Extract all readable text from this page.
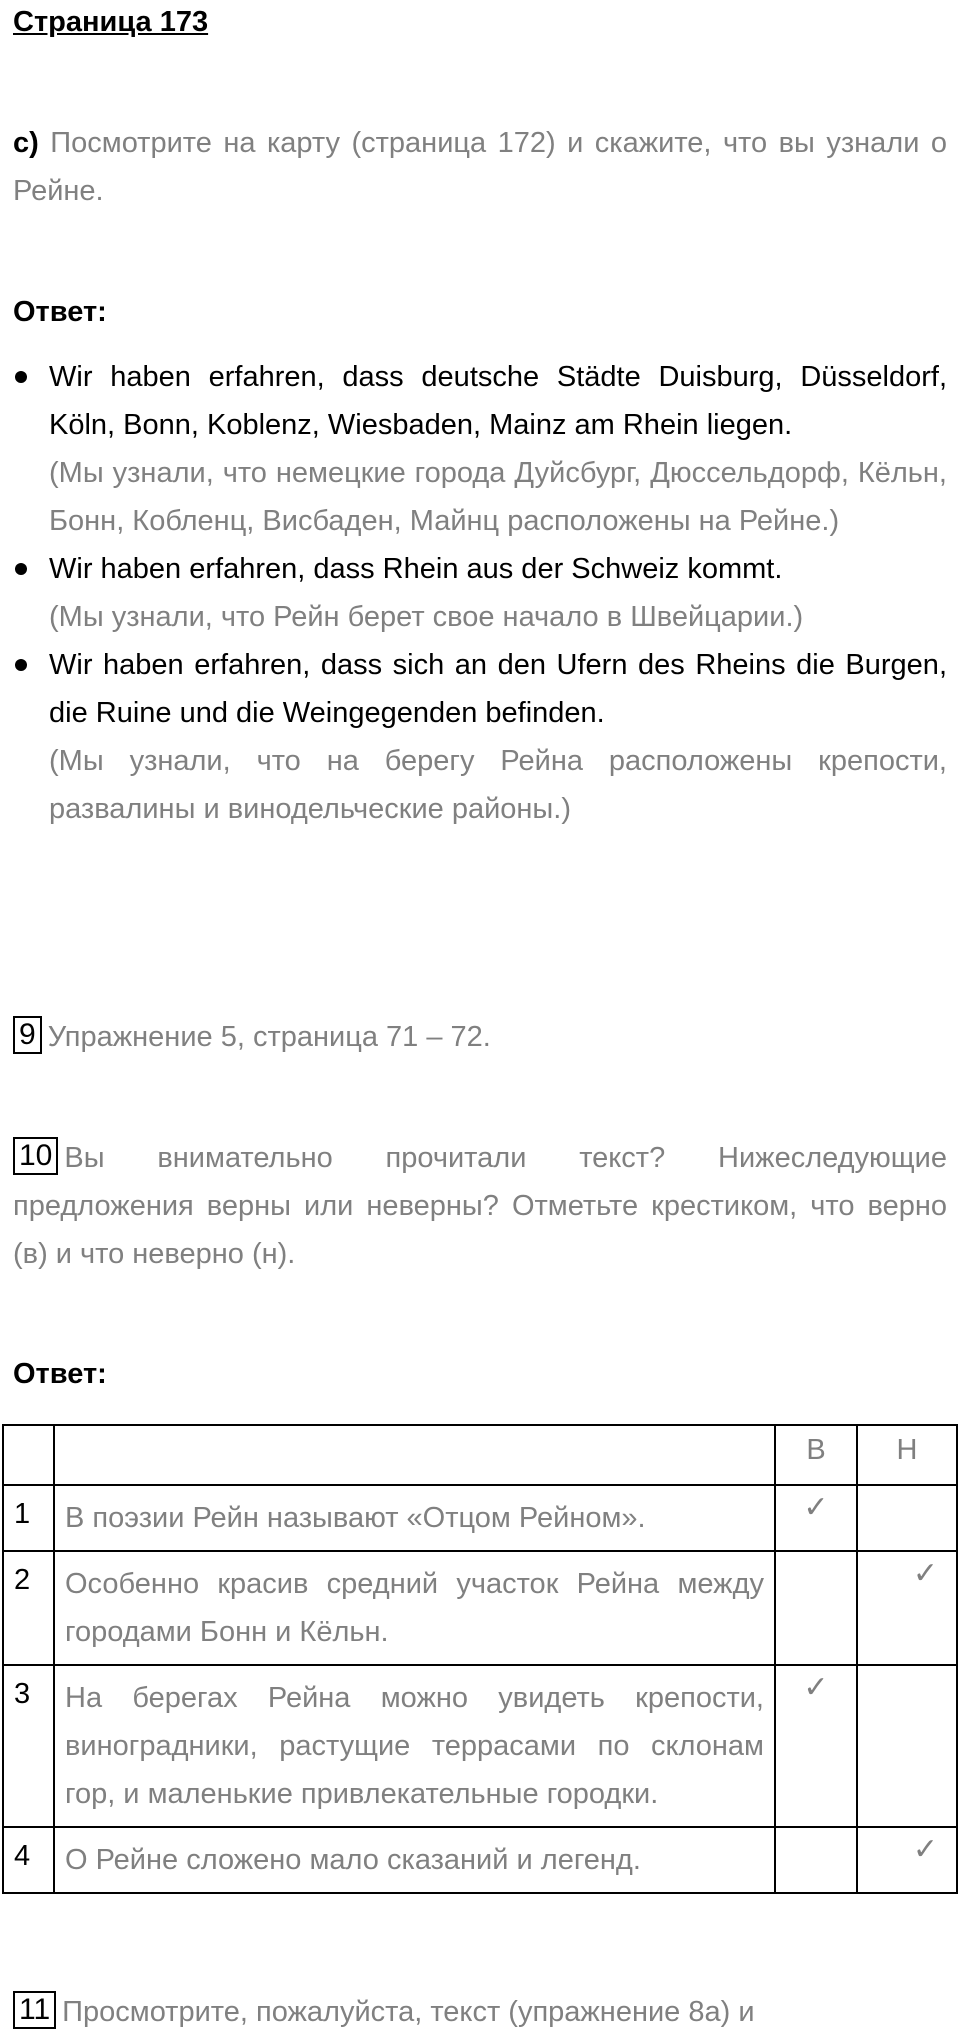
Страница 173
c) Посмотрите на карту (страница 172) и скажите, что вы узнали о Рейне.
Ответ:
Wir haben erfahren, dass deutsche Städte Duisburg, Düsseldorf, Köln, Bonn, Koblenz, Wiesbaden, Mainz am Rhein liegen.
(Мы узнали, что немецкие города Дуйсбург, Дюссельдорф, Кёльн, Бонн, Кобленц, Висбаден, Майнц расположены на Рейне.)
Wir haben erfahren, dass Rhein aus der Schweiz kommt.
(Мы узнали, что Рейн берет свое начало в Швейцарии.)
Wir haben erfahren, dass sich an den Ufern des Rheins die Burgen, die Ruine und die Weingegenden befinden.
(Мы узнали, что на берегу Рейна расположены крепости, развалины и винодельческие районы.)
9 Упражнение 5, страница 71 – 72.
10 Вы внимательно прочитали текст? Нижеследующие предложения верны или неверны? Отметьте крестиком, что верно (в) и что неверно (н).
Ответ:
		В	Н
1	В поэзии Рейн называют «Отцом Рейном».	✓	
2	Особенно красив средний участок Рейна между городами Бонн и Кёльн.		✓
3	На берегах Рейна можно увидеть крепости, виноградники, растущие террасами по склонам гор, и маленькие привлекательные городки.	✓	
4	О Рейне сложено мало сказаний и легенд.		✓
11 Просмотрите, пожалуйста, текст (упражнение 8а) и
